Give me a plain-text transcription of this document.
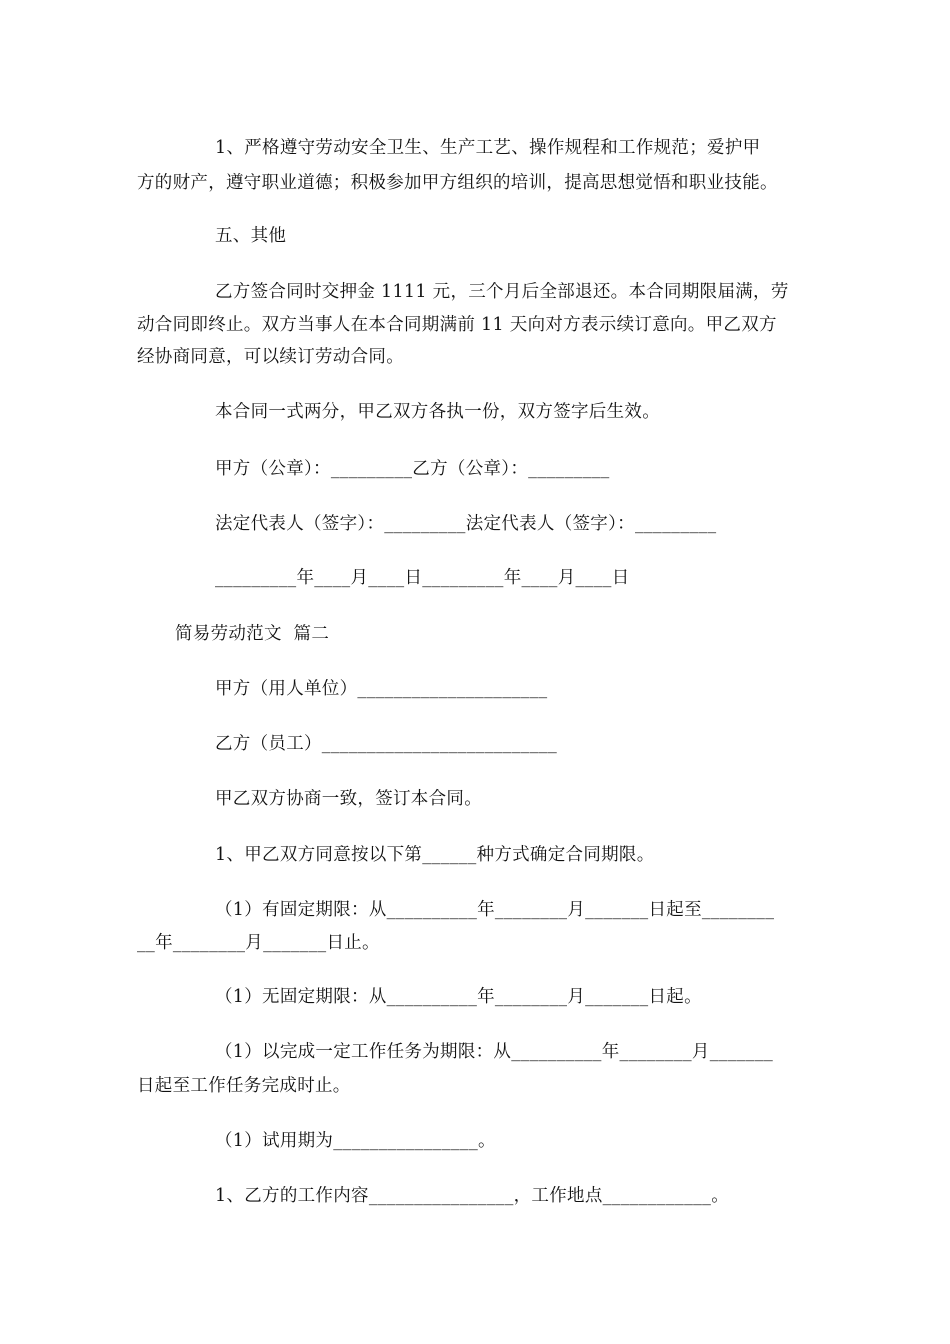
1、严格遵守劳动安全卫生、生产工艺、操作规程和工作规范；爱护甲
方的财产，遵守职业道德；积极参加甲方组织的培训，提高思想觉悟和职业技能。
五、其他
乙方签合同时交押金 1111 元，三个月后全部退还。本合同期限届满，劳
动合同即终止。双方当事人在本合同期满前 11 天向对方表示续订意向。甲乙双方
经协商同意，可以续订劳动合同。
本合同一式两分，甲乙双方各执一份，双方签字后生效。
甲方（公章）：_________乙方（公章）：_________
法定代表人（签字）：_________法定代表人（签字）：_________
_________年____月____日_________年____月____日
简易劳动范文  篇二
甲方（用人单位）_____________________
乙方（员工）__________________________
甲乙双方协商一致，签订本合同。
1、甲乙双方同意按以下第______种方式确定合同期限。
（1）有固定期限：从__________年________月_______日起至________
__年________月_______日止。
（1）无固定期限：从__________年________月_______日起。
（1）以完成一定工作任务为期限：从__________年________月_______
日起至工作任务完成时止。
（1）试用期为________________。
1、乙方的工作内容________________，工作地点____________。
